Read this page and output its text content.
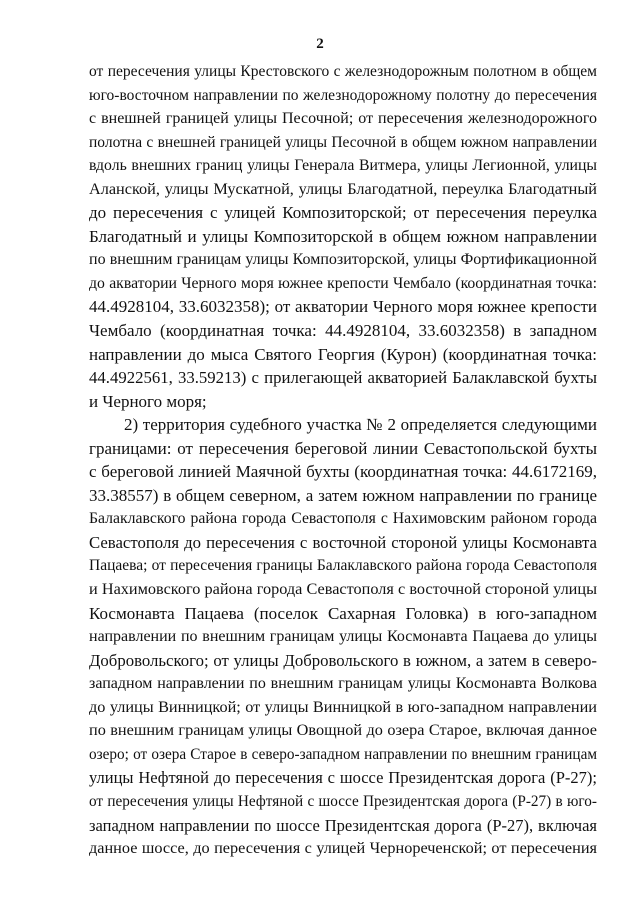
2
от пересечения улицы Крестовского с железнодорожным полотном в общем
юго-восточном направлении по железнодорожному полотну до пересечения
с внешней границей улицы Песочной; от пересечения железнодорожного
полотна с внешней границей улицы Песочной в общем южном направлении
вдоль внешних границ улицы Генерала Витмера, улицы Легионной, улицы
Аланской, улицы Мускатной, улицы Благодатной, переулка Благодатный
до пересечения с улицей Композиторской; от пересечения переулка
Благодатный и улицы Композиторской в общем южном направлении
по внешним границам улицы Композиторской, улицы Фортификационной
до акватории Черного моря южнее крепости Чембало (координатная точка:
44.4928104, 33.6032358); от акватории Черного моря южнее крепости
Чембало (координатная точка: 44.4928104, 33.6032358) в западном
направлении до мыса Святого Георгия (Курон) (координатная точка:
44.4922561, 33.59213) с прилегающей акваторией Балаклавской бухты
и Черного моря;
2) территория судебного участка № 2 определяется следующими
границами: от пересечения береговой линии Севастопольской бухты
с береговой линией Маячной бухты (координатная точка: 44.6172169,
33.38557) в общем северном, а затем южном направлении по границе
Балаклавского района города Севастополя с Нахимовским районом города
Севастополя до пересечения с восточной стороной улицы Космонавта
Пацаева; от пересечения границы Балаклавского района города Севастополя
и Нахимовского района города Севастополя с восточной стороной улицы
Космонавта Пацаева (поселок Сахарная Головка) в юго-западном
направлении по внешним границам улицы Космонавта Пацаева до улицы
Добровольского; от улицы Добровольского в южном, а затем в северо-
западном направлении по внешним границам улицы Космонавта Волкова
до улицы Винницкой; от улицы Винницкой в юго-западном направлении
по внешним границам улицы Овощной до озера Старое, включая данное
озеро; от озера Старое в северо-западном направлении по внешним границам
улицы Нефтяной до пересечения с шоссе Президентская дорога (Р-27);
от пересечения улицы Нефтяной с шоссе Президентская дорога (Р-27) в юго-
западном направлении по шоссе Президентская дорога (Р-27), включая
данное шоссе, до пересечения с улицей Чернореченской; от пересечения
